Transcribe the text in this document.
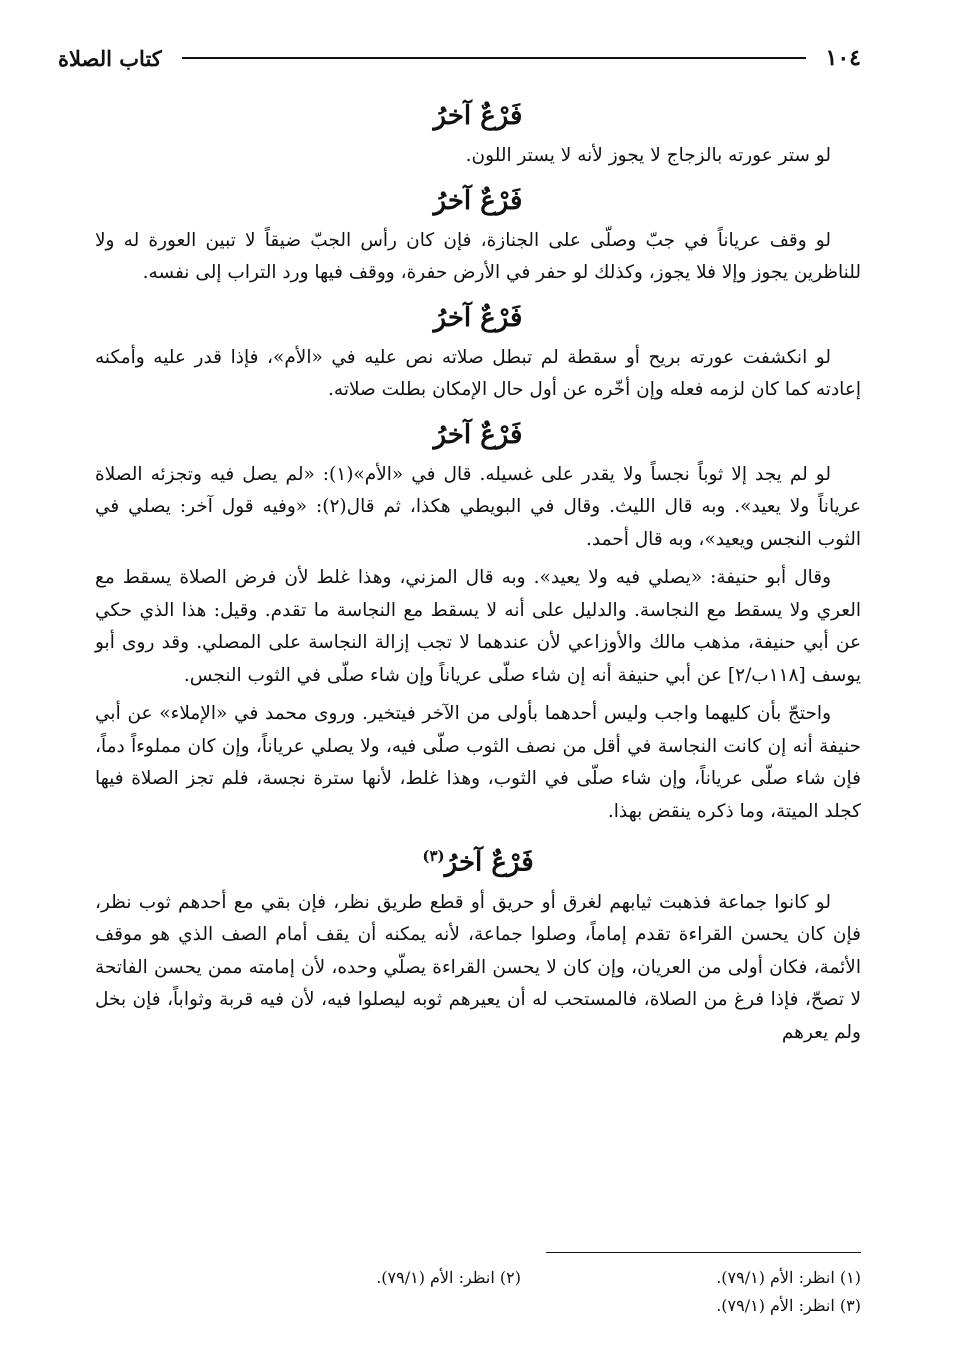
١٠٤
كتاب الصلاة
فَرْعٌ آخرُ

لو ستر عورته بالزجاج لا يجوز لأنه لا يستر اللون.

فَرْعٌ آخرُ

لو وقف عرياناً في جبّ وصلّى على الجنازة، فإن كان رأس الجبّ ضيقاً لا تبين العورة له ولا للناظرين يجوز وإلا فلا يجوز، وكذلك لو حفر في الأرض حفرة، ووقف فيها ورد التراب إلى نفسه.

فَرْعٌ آخرُ

لو انكشفت عورته بريح أو سقطة لم تبطل صلاته نص عليه في «الأم»، فإذا قدر عليه وأمكنه إعادته كما كان لزمه فعله وإن أخّره عن أول حال الإمكان بطلت صلاته.

فَرْعٌ آخرُ

لو لم يجد إلا ثوباً نجساً ولا يقدر على غسيله. قال في «الأم»(١): «لم يصل فيه وتجزئه الصلاة عرياناً ولا يعيد». وبه قال الليث. وقال في البويطي هكذا، ثم قال(٢): «وفيه قول آخر: يصلي في الثوب النجس ويعيد»، وبه قال أحمد.

وقال أبو حنيفة: «يصلي فيه ولا يعيد». وبه قال المزني، وهذا غلط لأن فرض الصلاة يسقط مع العري ولا يسقط مع النجاسة. والدليل على أنه لا يسقط مع النجاسة ما تقدم. وقيل: هذا الذي حكي عن أبي حنيفة، مذهب مالك والأوزاعي لأن عندهما لا تجب إزالة النجاسة على المصلي. وقد روى أبو يوسف [١١٨ب/٢] عن أبي حنيفة أنه إن شاء صلّى عرياناً وإن شاء صلّى في الثوب النجس.

واحتجّ بأن كليهما واجب وليس أحدهما بأولى من الآخر فيتخير. وروى محمد في «الإملاء» عن أبي حنيفة أنه إن كانت النجاسة في أقل من نصف الثوب صلّى فيه، ولا يصلي عرياناً، وإن كان مملوءاً دماً، فإن شاء صلّى عرياناً، وإن شاء صلّى في الثوب، وهذا غلط، لأنها سترة نجسة، فلم تجز الصلاة فيها كجلد الميتة، وما ذكره ينقض بهذا.

فَرْعٌ آخرُ$^{(٣)}$

لو كانوا جماعة فذهبت ثيابهم لغرق أو حريق أو قطع طريق نظر، فإن بقي مع أحدهم ثوب نظر، فإن كان يحسن القراءة تقدم إماماً، وصلوا جماعة، لأنه يمكنه أن يقف أمام الصف الذي هو موقف الأئمة، فكان أولى من العريان، وإن كان لا يحسن القراءة يصلّي وحده، لأن إمامته ممن يحسن الفاتحة لا تصحّ، فإذا فرغ من الصلاة، فالمستحب له أن يعيرهم ثوبه ليصلوا فيه، لأن فيه قربة وثواباً، فإن بخل ولم يعرهم

(١) انظر: الأم (٧٩/١).
(٢) انظر: الأم (٧٩/١).
(٣) انظر: الأم (٧٩/١).
